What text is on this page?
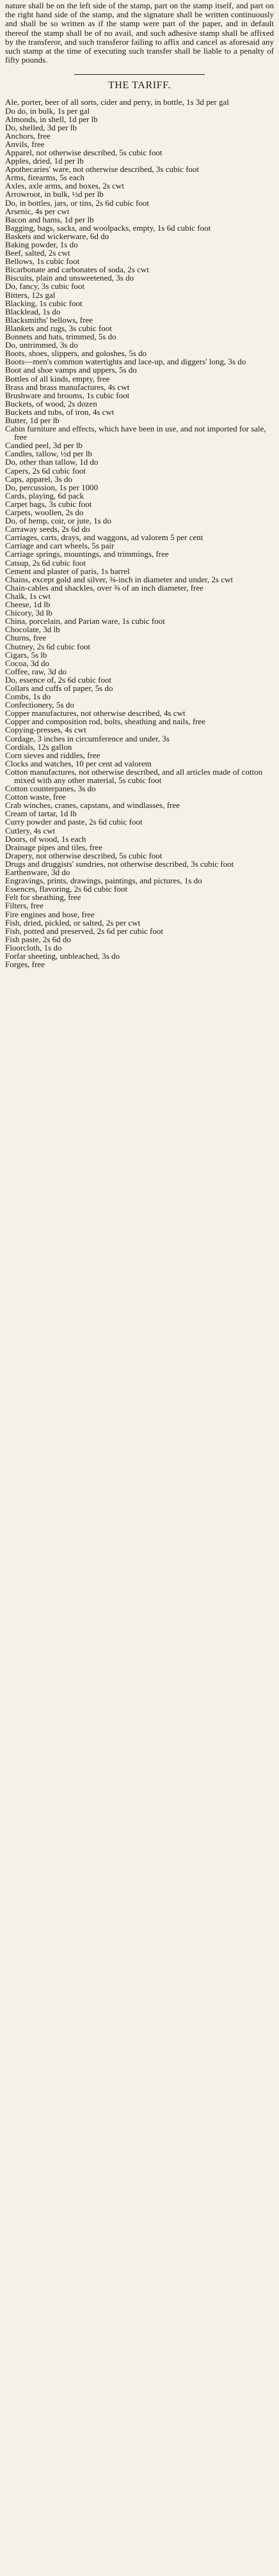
nature shall be on the left side of the stamp, part on the stamp itself, and part on the right hand side of the stamp, and the signature shall be written continuously and shall be so written as if the stamp were part of the paper, and in default thereof the stamp shall be of no avail, and such adhesive stamp shall be affixed by the transferor, and such transferor failing to affix and cancel as aforesaid any such stamp at the time of executing such transfer shall be liable to a penalty of fifty pounds.

THE TARIFF.
Ale, porter, beer of all sorts, cider and perry, in bottle, 1s 3d per gal
Do do, in bulk, 1s per gal
Almonds, in shell, 1d per lb
Do, shelled, 3d per lb
Anchors, free
Anvils, free
Apparel, not otherwise described, 5s cubic foot
Apples, dried, 1d per lb
Apothecaries' ware, not otherwise described, 3s cubic foot
Arms, firearms, 5s each
Axles, axle arms, and boxes, 2s cwt
Arrowroot, in bulk, ½d per lb
Do, in bottles, jars, or tins, 2s 6d cubic foot
Arsenic, 4s per cwt
Bacon and hams, 1d per lb
Bagging, bags, sacks, and woolpacks, empty, 1s 6d cubic foot
Baskets and wickerware, 6d do
Baking powder, 1s do
Beef, salted, 2s cwt
Bellows, 1s cubic foot
Bicarbonate and carbonates of soda, 2s cwt
Biscuits, plain and unsweetened, 3s do
Do, fancy, 3s cubic foot
Bitters, 12s gal
Blacking, 1s cubic foot
Blacklead, 1s do
Blacksmiths' bellows, free
Blankets and rugs, 3s cubic foot
Bonnets and hats, trimmed, 5s do
Do, untrimmed, 3s do
Boots, shoes, slippers, and goloshes, 5s do
Boots—men's common watertights and lace-up, and diggers' long, 3s do
Boot and shoe vamps and uppers, 5s do
Bottles of all kinds, empty, free
Brass and brass manufactures, 4s cwt
Brushware and brooms, 1s cubic foot
Buckets, of wood, 2s dozen
Buckets and tubs, of iron, 4s cwt
Butter, 1d per lb
Cabin furniture and effects, which have been in use, and not imported for sale, free
Candied peel, 3d per lb
Candles, tallow, ½d per lb
Do, other than tallow, 1d do
Capers, 2s 6d cubic foot
Caps, apparel, 3s do
Do, percussion, 1s per 1000
Cards, playing, 6d pack
Carpet bags, 3s cubic foot
Carpets, woollen, 2s do
Do, of hemp, coir, or jute, 1s do
Carraway seeds, 2s 6d do
Carriages, carts, drays, and waggons, ad valorem 5 per cent
Carriage and cart wheels, 5s pair
Carriage springs, mountings, and trimmings, free
Catsup, 2s 6d cubic foot
Cement and plaster of paris, 1s barrel
Chains, except gold and silver, ⅜-inch in diameter and under, 2s cwt
Chain-cables and shackles, over ⅜ of an inch diameter, free
Chalk, 1s cwt
Cheese, 1d lb
Chicory, 3d lb
China, porcelain, and Parian ware, 1s cubic foot
Chocolate, 3d lb
Churns, free
Chutney, 2s 6d cubic foot
Cigars, 5s lb
Cocoa, 3d do
Coffee, raw, 3d do
Do, essence of, 2s 6d cubic foot
Collars and cuffs of paper, 5s do
Combs, 1s do
Confectionery, 5s do
Copper manufactures, not otherwise described, 4s cwt
Copper and composition rod, bolts, sheathing and nails, free
Copying-presses, 4s cwt
Cordage, 3 inches in circumference and under, 3s
Cordials, 12s gallon
Corn sieves and riddles, free
Clocks and watches, 10 per cent ad valorem
Cotton manufactures, not otherwise described, and all articles made of cotton mixed with any other material, 5s cubic foot
Cotton counterpanes, 3s do
Cotton waste, free
Crab winches, cranes, capstans, and windlasses, free
Cream of tartar, 1d lb
Curry powder and paste, 2s 6d cubic foot
Cutlery, 4s cwt
Doors, of wood, 1s each
Drainage pipes and tiles, free
Drapery, not otherwise described, 5s cubic foot
Drugs and druggists' sundries, not otherwise described, 3s cubic foot
Earthenware, 3d do
Engravings, prints, drawings, paintings, and pictures, 1s do
Essences, flavoring, 2s 6d cubic foot
Felt for sheathing, free
Filters, free
Fire engines and hose, free
Fish, dried, pickled, or salted, 2s per cwt
Fish, potted and preserved, 2s 6d per cubic foot
Fish paste, 2s 6d do
Floorcloth, 1s do
Forfar sheeting, unbleached, 3s do
Forges, free
